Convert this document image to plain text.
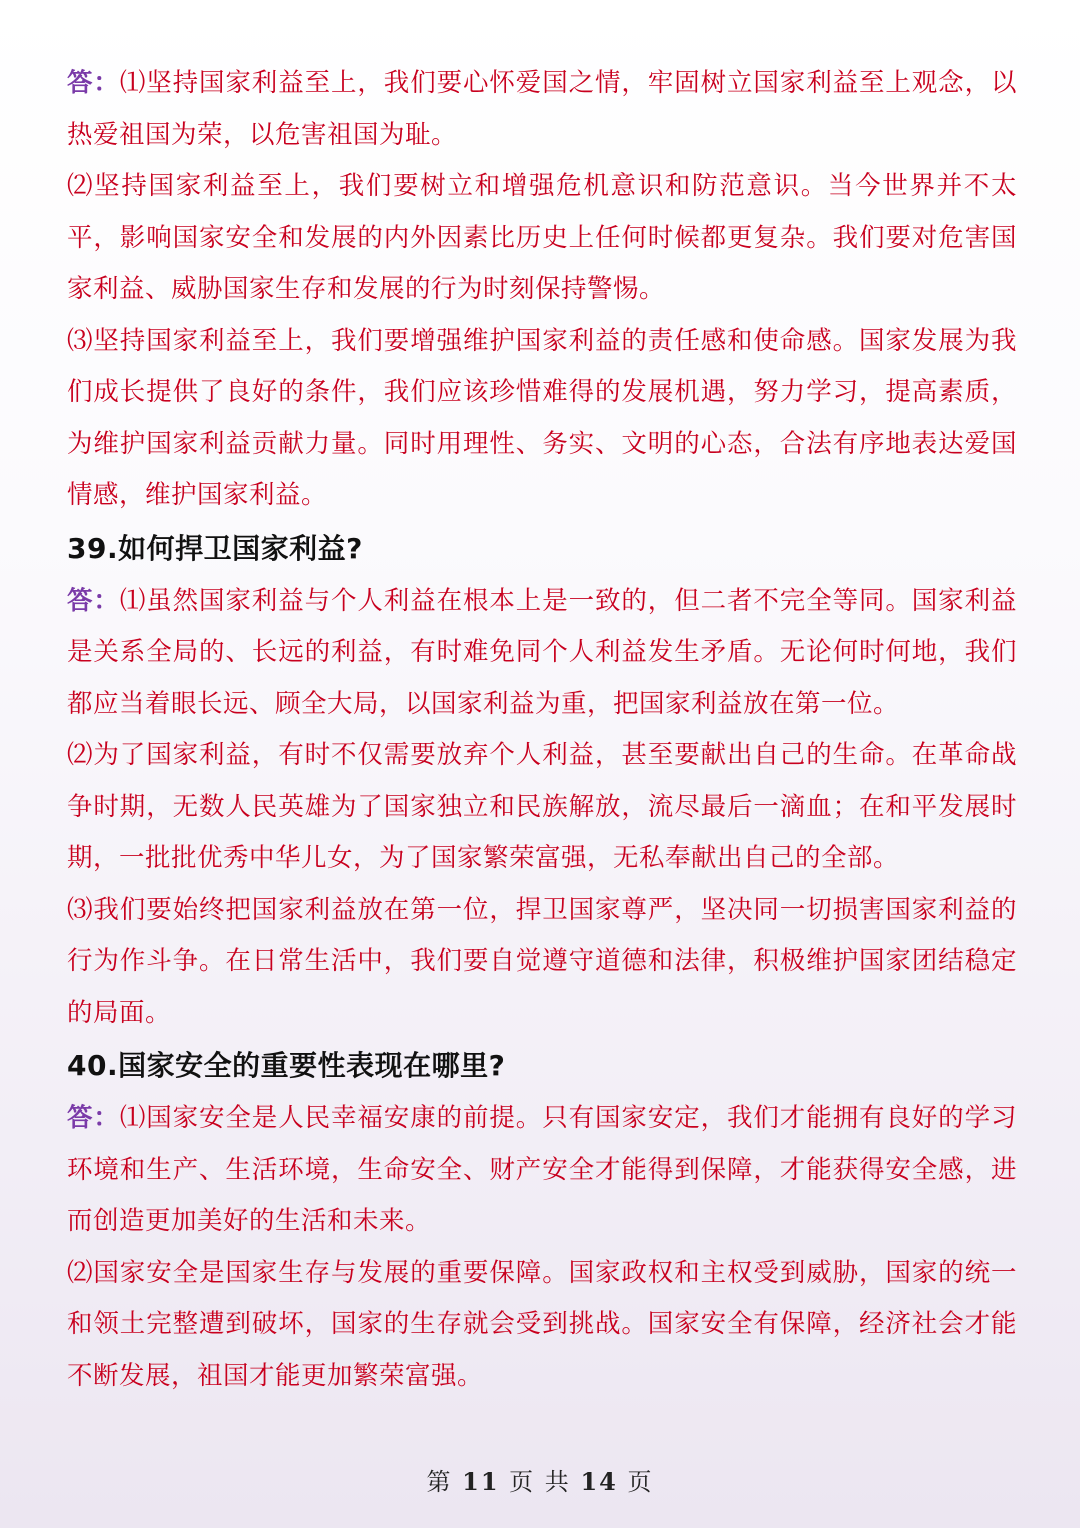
答：⑴坚持国家利益至上，我们要心怀爱国之情，牢固树立国家利益至上观念，以热爱祖国为荣，以危害祖国为耻。

⑵坚持国家利益至上，我们要树立和增强危机意识和防范意识。当今世界并不太平，影响国家安全和发展的内外因素比历史上任何时候都更复杂。我们要对危害国家利益、威胁国家生存和发展的行为时刻保持警惕。

⑶坚持国家利益至上，我们要增强维护国家利益的责任感和使命感。国家发展为我们成长提供了良好的条件，我们应该珍惜难得的发展机遇，努力学习，提高素质，为维护国家利益贡献力量。同时用理性、务实、文明的心态，合法有序地表达爱国情感，维护国家利益。

39.如何捍卫国家利益?

答：⑴虽然国家利益与个人利益在根本上是一致的，但二者不完全等同。国家利益是关系全局的、长远的利益，有时难免同个人利益发生矛盾。无论何时何地，我们都应当着眼长远、顾全大局，以国家利益为重，把国家利益放在第一位。

⑵为了国家利益，有时不仅需要放弃个人利益，甚至要献出自己的生命。在革命战争时期，无数人民英雄为了国家独立和民族解放，流尽最后一滴血；在和平发展时期，一批批优秀中华儿女，为了国家繁荣富强，无私奉献出自己的全部。

⑶我们要始终把国家利益放在第一位，捍卫国家尊严，坚决同一切损害国家利益的行为作斗争。在日常生活中，我们要自觉遵守道德和法律，积极维护国家团结稳定的局面。

40.国家安全的重要性表现在哪里?

答：⑴国家安全是人民幸福安康的前提。只有国家安定，我们才能拥有良好的学习环境和生产、生活环境，生命安全、财产安全才能得到保障，才能获得安全感，进而创造更加美好的生活和未来。

⑵国家安全是国家生存与发展的重要保障。国家政权和主权受到威胁，国家的统一和领土完整遭到破坏，国家的生存就会受到挑战。国家安全有保障，经济社会才能不断发展，祖国才能更加繁荣富强。

第 11 页 共 14 页
